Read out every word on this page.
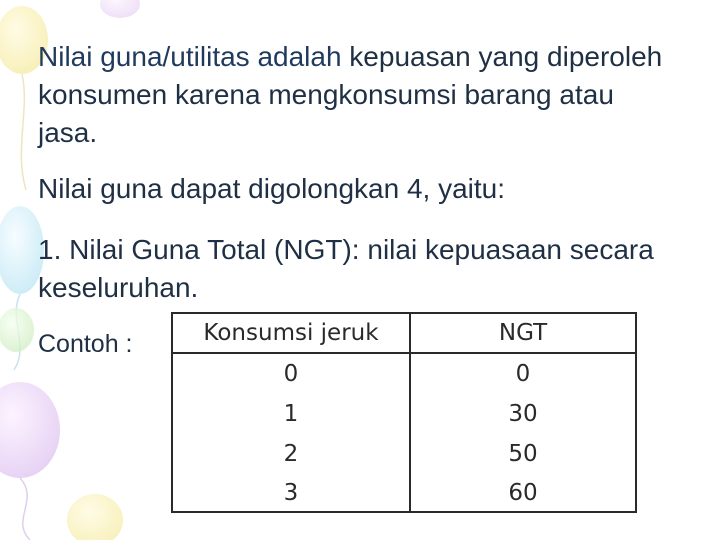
Nilai guna/utilitas adalah kepuasan yang diperoleh konsumen karena mengkonsumsi barang atau jasa.

Nilai guna dapat digolongkan 4, yaitu:

1. Nilai Guna Total (NGT): nilai kepuasaan secara keseluruhan.

Contoh :	Konsumsi jeruk	NGT
0	0
1	30
2	50
3	60
